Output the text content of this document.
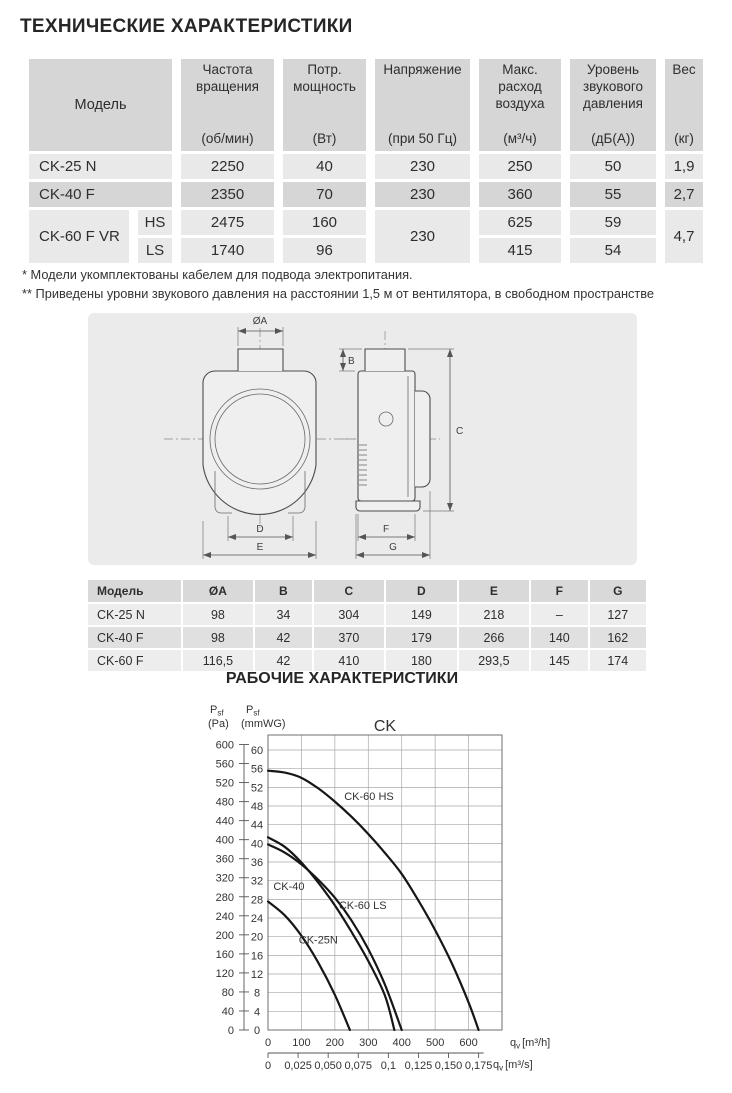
ТЕХНИЧЕСКИЕ ХАРАКТЕРИСТИКИ
Модель

Частота вращения
(об/мин)

Потр. мощность
(Вт)

Напряжение
(при 50 Гц)

Макс. расход воздуха
(м³/ч)

Уровень звукового давления
(дБ(А))

Вес
(кг)

CK-25 N		2250	40	230	250	50	1,9
CK-40 F		2350	70	230	360	55	2,7
CK-60 F VR	HS	2475	160	230	625	59	4,7
	LS	1740	96		415	54	
* Модели укомплектованы кабелем для подвода электропитания.
** Приведены уровни звукового давления на расстоянии 1,5 м от вентилятора, в свободном пространстве
ØA
D
E
B
C
F
G
Модель	ØA	B	C	D	E	F	G
CK-25 N	98	34	304	149	218	–	127
CK-40 F	98	42	370	179	266	140	162
CK-60 F	116,5	42	410	180	293,5	145	174
РАБОЧИЕ ХАРАКТЕРИСТИКИ
$P_{sf}$
(Pa)
$P_{sf}$
(mmWG)	CK
$q_v$ [m³/h]
$q_v$ [m³/s]
0
40
80
120
160
200
240
280
320
360
400
440
480
520
560
600
0
4
8
12
16
20
24
28
32
36
40
44
48
52
56
60
0 100 200 300 400 500 600
0 0,025 0,050 0,075 0,1 0,125 0,150 0,175
CK-60 HS
CK-40
CK-60 LS
CK-25N
